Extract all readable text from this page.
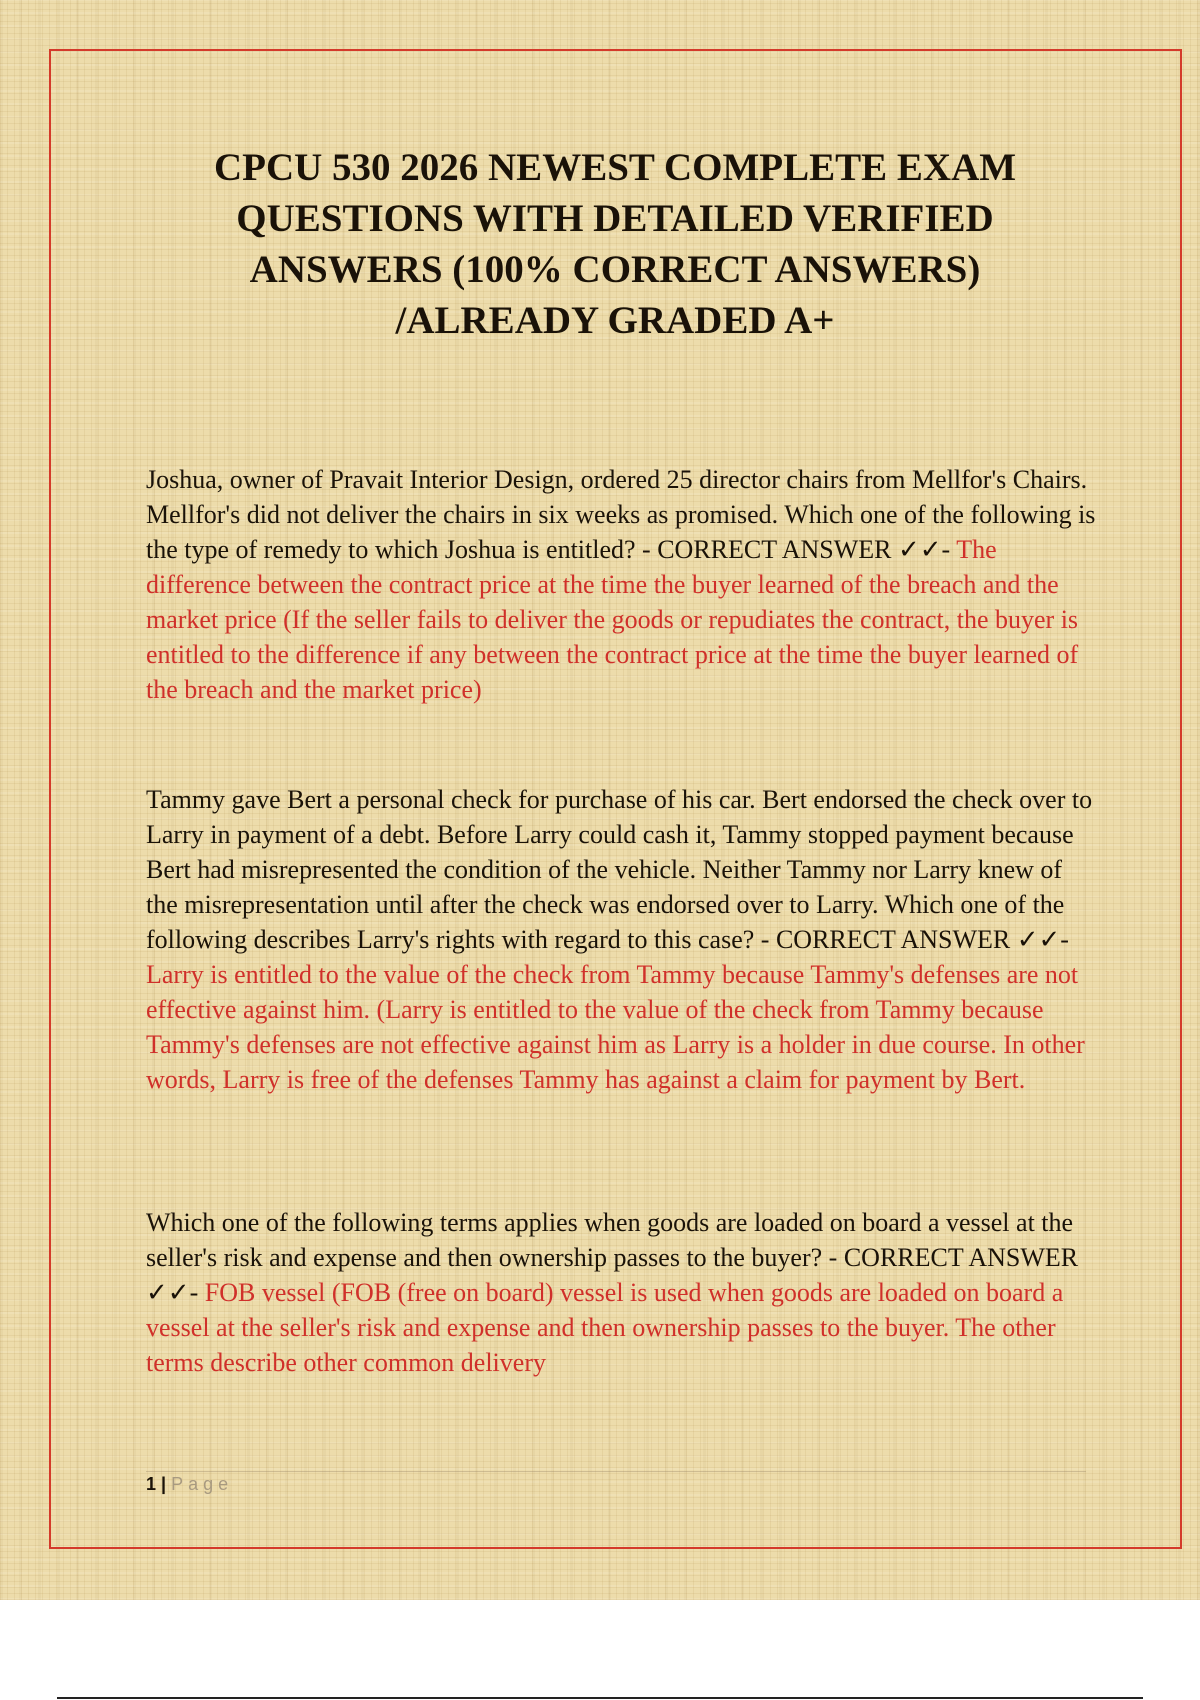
CPCU 530 2026 NEWEST COMPLETE EXAM
QUESTIONS WITH DETAILED VERIFIED
ANSWERS (100% CORRECT ANSWERS)
/ALREADY GRADED A+

Joshua, owner of Pravait Interior Design, ordered 25 director chairs from Mellfor's Chairs. Mellfor's did not deliver the chairs in six weeks as promised. Which one of the following is the type of remedy to which Joshua is entitled? - CORRECT ANSWER ✓✓- The difference between the contract price at the time the buyer learned of the breach and the market price (If the seller fails to deliver the goods or repudiates the contract, the buyer is entitled to the difference if any between the contract price at the time the buyer learned of the breach and the market price)

Tammy gave Bert a personal check for purchase of his car. Bert endorsed the check over to Larry in payment of a debt. Before Larry could cash it, Tammy stopped payment because Bert had misrepresented the condition of the vehicle. Neither Tammy nor Larry knew of the misrepresentation until after the check was endorsed over to Larry. Which one of the following describes Larry's rights with regard to this case? - CORRECT ANSWER ✓✓- Larry is entitled to the value of the check from Tammy because Tammy's defenses are not effective against him. (Larry is entitled to the value of the check from Tammy because Tammy's defenses are not effective against him as Larry is a holder in due course. In other words, Larry is free of the defenses Tammy has against a claim for payment by Bert.

Which one of the following terms applies when goods are loaded on board a vessel at the seller's risk and expense and then ownership passes to the buyer? - CORRECT ANSWER ✓✓- FOB vessel (FOB (free on board) vessel is used when goods are loaded on board a vessel at the seller's risk and expense and then ownership passes to the buyer. The other terms describe other common delivery

1 | Page
